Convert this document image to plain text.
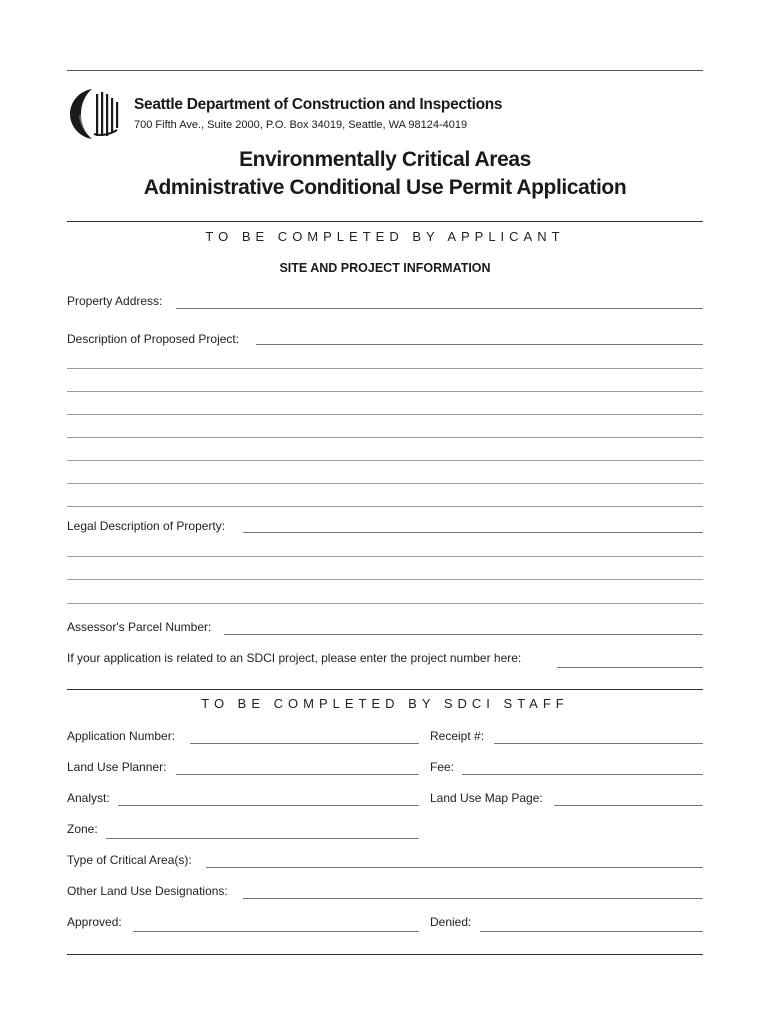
Seattle Department of Construction and Inspections
700 Fifth Ave., Suite 2000, P.O. Box 34019, Seattle, WA 98124-4019
Environmentally Critical Areas
Administrative Conditional Use Permit Application
TO BE COMPLETED BY APPLICANT
SITE AND PROJECT INFORMATION
Property Address:
Description of Proposed Project:
Legal Description of Property:
Assessor's Parcel Number:
If your application is related to an SDCI project, please enter the project number here:
TO BE COMPLETED BY SDCI STAFF
Application Number:	Receipt #:
Land Use Planner:	Fee:
Analyst:	Land Use Map Page:
Zone:
Type of Critical Area(s):
Other Land Use Designations:
Approved:	Denied:
